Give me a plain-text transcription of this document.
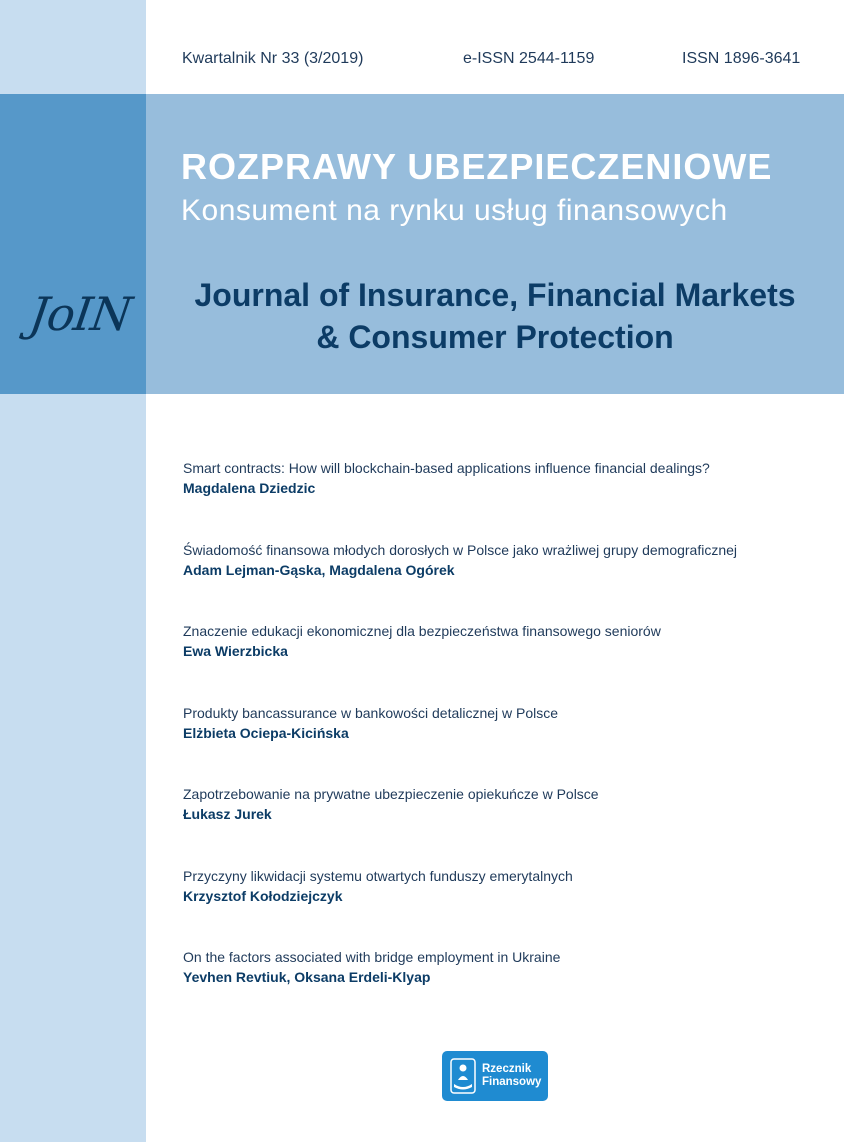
Kwartalnik Nr 33 (3/2019)	e-ISSN 2544-1159	ISSN 1896-3641
JoIN
ROZPRAWY UBEZPIECZENIOWE
Konsument na rynku usług finansowych
Journal of Insurance, Financial Markets
& Consumer Protection
Smart contracts: How will blockchain-based applications influence financial dealings?
Magdalena Dziedzic
Świadomość finansowa młodych dorosłych w Polsce jako wrażliwej grupy demograficznej
Adam Lejman-Gąska, Magdalena Ogórek
Znaczenie edukacji ekonomicznej dla bezpieczeństwa finansowego seniorów
Ewa Wierzbicka
Produkty bancassurance w bankowości detalicznej w Polsce
Elżbieta Ociepa-Kicińska
Zapotrzebowanie na prywatne ubezpieczenie opiekuńcze w Polsce
Łukasz Jurek
Przyczyny likwidacji systemu otwartych funduszy emerytalnych
Krzysztof Kołodziejczyk
On the factors associated with bridge employment in Ukraine
Yevhen Revtiuk, Oksana Erdeli-Klyap
Rzecznik
Finansowy
